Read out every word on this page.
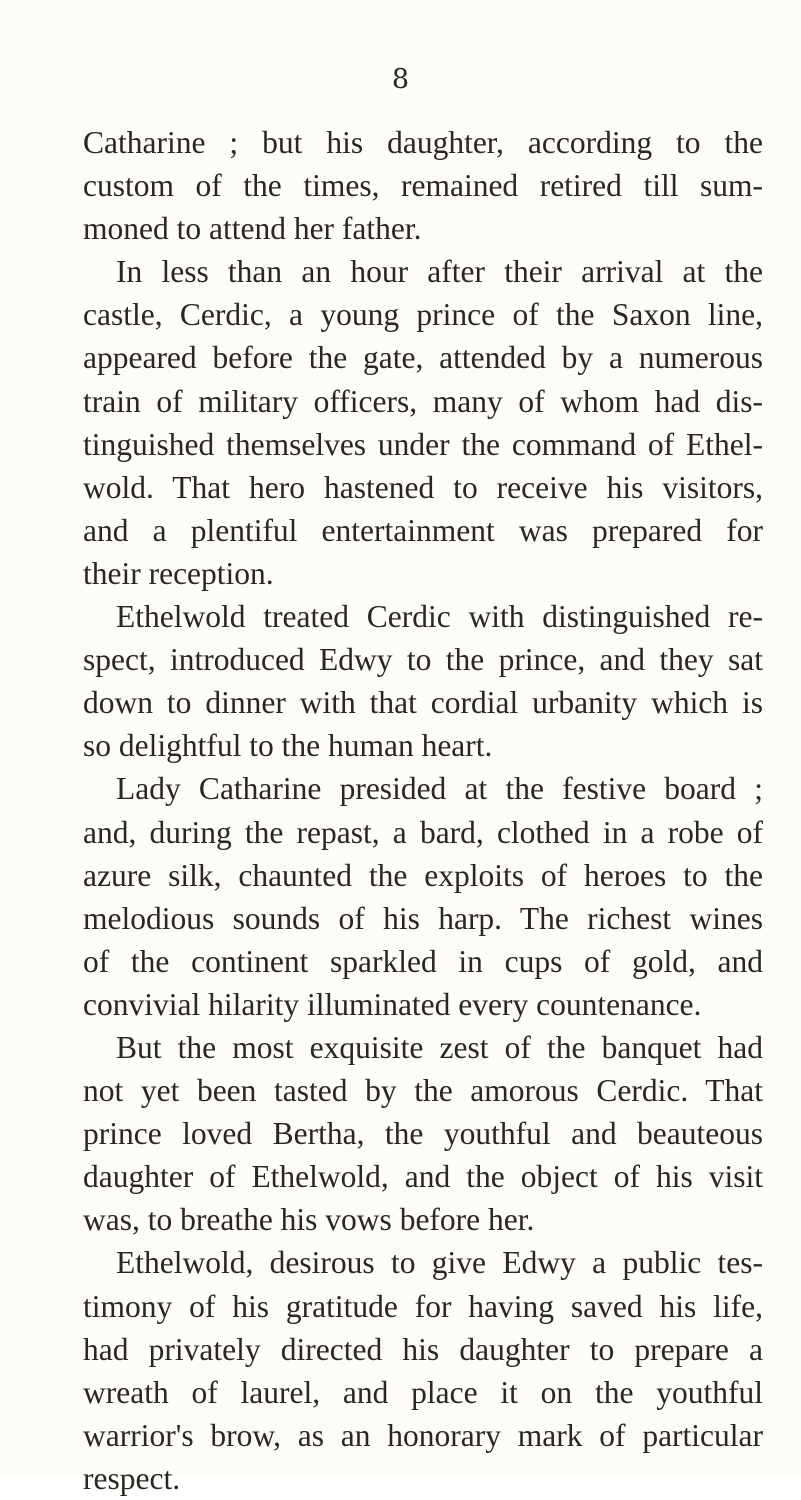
8
Catharine ; but his daughter, according to the
custom of the times, remained retired till sum-
moned to attend her father.
In less than an hour after their arrival at the
castle, Cerdic, a young prince of the Saxon line,
appeared before the gate, attended by a numerous
train of military officers, many of whom had dis-
tinguished themselves under the command of Ethel-
wold. That hero hastened to receive his visitors,
and a plentiful entertainment was prepared for
their reception.
Ethelwold treated Cerdic with distinguished re-
spect, introduced Edwy to the prince, and they sat
down to dinner with that cordial urbanity which is
so delightful to the human heart.
Lady Catharine presided at the festive board ;
and, during the repast, a bard, clothed in a robe of
azure silk, chaunted the exploits of heroes to the
melodious sounds of his harp. The richest wines
of the continent sparkled in cups of gold, and
convivial hilarity illuminated every countenance.
But the most exquisite zest of the banquet had
not yet been tasted by the amorous Cerdic. That
prince loved Bertha, the youthful and beauteous
daughter of Ethelwold, and the object of his visit
was, to breathe his vows before her.
Ethelwold, desirous to give Edwy a public tes-
timony of his gratitude for having saved his life,
had privately directed his daughter to prepare a
wreath of laurel, and place it on the youthful
warrior's brow, as an honorary mark of particular
respect.
